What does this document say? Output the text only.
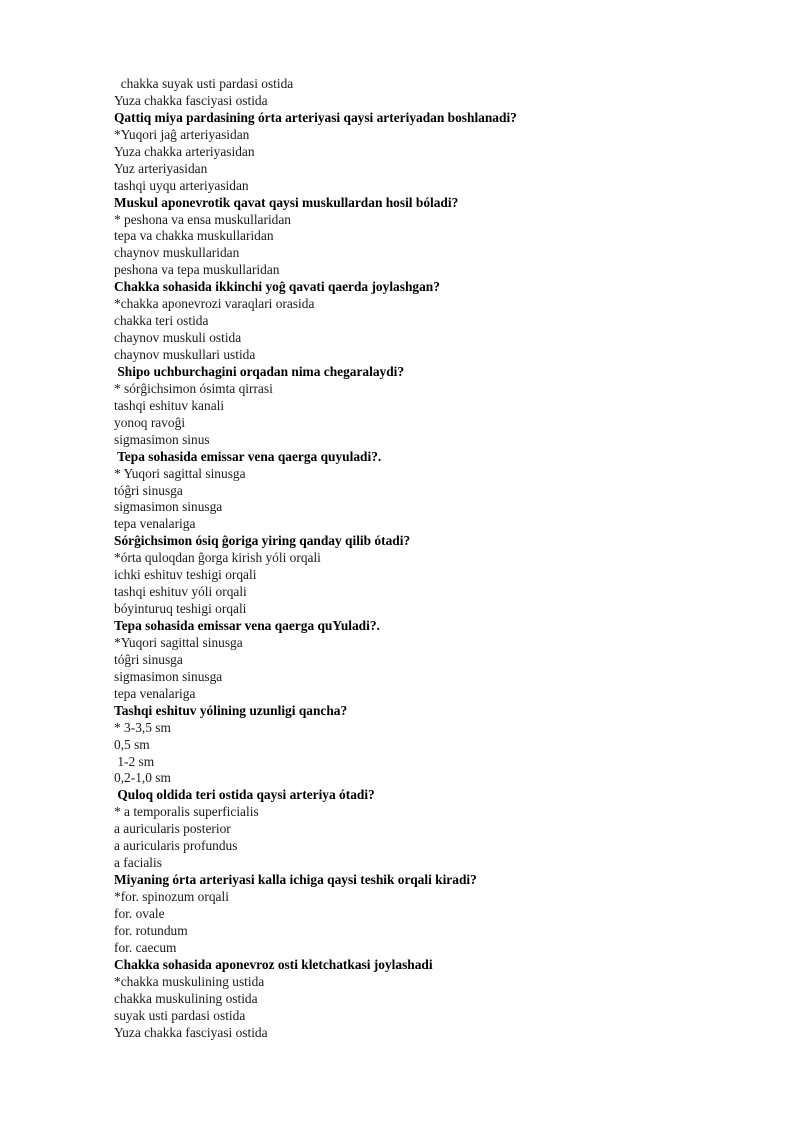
chakka suyak usti pardasi ostida
Yuza chakka fasciyasi ostida
Qattiq miya pardasining órta arteriyasi qaysi arteriyadan boshlanadi?
*Yuqori jaĝ arteriyasidan
Yuza chakka arteriyasidan
Yuz arteriyasidan
tashqi uyqu arteriyasidan
Muskul aponevrotik qavat qaysi muskullardan hosil bóladi?
* peshona va ensa muskullaridan
tepa va chakka muskullaridan
chaynov muskullaridan
peshona va tepa muskullaridan
Chakka sohasida ikkinchi yoĝ qavati qaerda joylashgan?
*chakka aponevrozi varaqlari orasida
chakka teri ostida
chaynov muskuli ostida
chaynov muskullari ustida
Shipo uchburchagini orqadan nima chegaralaydi?
* sórĝichsimon ósimta qirrasi
tashqi eshituv kanali
yonoq ravoĝi
sigmasimon sinus
Tepa sohasida emissar vena qaerga quyuladi?.
* Yuqori sagittal sinusga
tóĝri sinusga
sigmasimon sinusga
tepa venalariga
Sórĝichsimon ósiq ĝoriga yiring qanday qilib ótadi?
*órta quloqdan ĝorga kirish yóli orqali
ichki eshituv teshigi orqali
tashqi eshituv yóli orqali
bóyinturuq teshigi orqali
Tepa sohasida emissar vena qaerga quYuladi?.
*Yuqori sagittal sinusga
tóĝri sinusga
sigmasimon sinusga
tepa venalariga
Tashqi eshituv yólining uzunligi qancha?
* 3-3,5 sm
0,5 sm
1-2 sm
0,2-1,0 sm
Quloq oldida teri ostida qaysi arteriya ótadi?
* a temporalis superficialis
a auricularis posterior
a auricularis profundus
a facialis
Miyaning órta arteriyasi kalla ichiga qaysi teshik orqali kiradi?
*for. spinozum orqali
for. ovale
for. rotundum
for. caecum
Chakka sohasida aponevroz osti kletchatkasi joylashadi
*chakka muskulining ustida
chakka muskulining ostida
suyak usti pardasi ostida
Yuza chakka fasciyasi ostida
